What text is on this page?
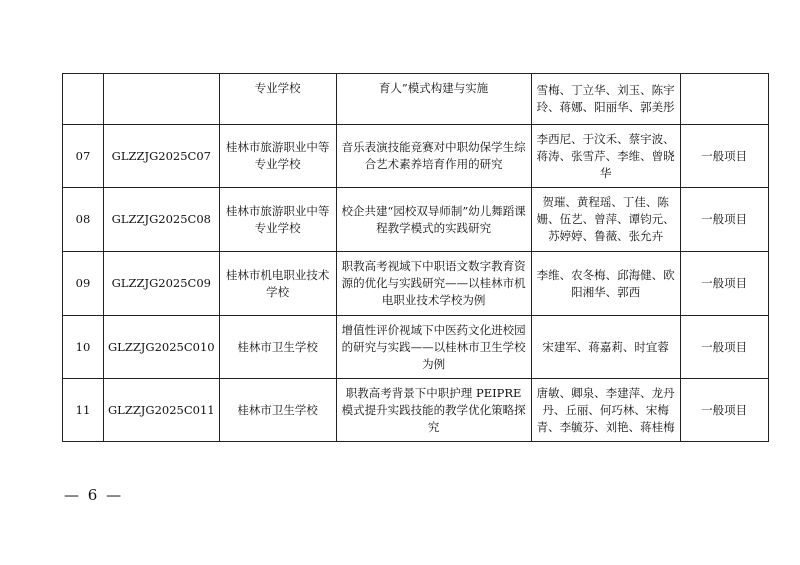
		专业学校	育人”模式构建与实施	雪梅、丁立华、刘玉、陈宇玲、蒋娜、阳丽华、郭美彤	

07	GLZZJG2025C07	桂林市旅游职业中等专业学校	音乐表演技能竞赛对中职幼保学生综合艺术素养培育作用的研究	李西尼、于汶禾、蔡宇波、蒋涛、张雪芹、李维、曾晓华	一般项目
08	GLZZJG2025C08	桂林市旅游职业中等专业学校	校企共建“园校双导师制”幼儿舞蹈课程教学模式的实践研究	贺璀、黄程瑶、丁佳、陈姗、伍艺、曾萍、谭钧元、苏婷婷、鲁薇、张允卉	一般项目
09	GLZZJG2025C09	桂林市机电职业技术学校	职教高考视域下中职语文数字教育资源的优化与实践研究——以桂林市机电职业技术学校为例	李维、农冬梅、邱海健、欧阳湘华、郭西	一般项目
10	GLZZJG2025C010	桂林市卫生学校	增值性评价视域下中医药文化进校园的研究与实践——以桂林市卫生学校为例	宋建军、蒋嘉莉、时宜蓉	一般项目
11	GLZZJG2025C011	桂林市卫生学校	职教高考背景下中职护理 PEIPRE 模式提升实践技能的教学优化策略探究	唐敏、卿泉、李建萍、龙丹丹、丘丽、何巧林、宋梅青、李毓芬、刘艳、蒋桂梅	一般项目
— 6 —
